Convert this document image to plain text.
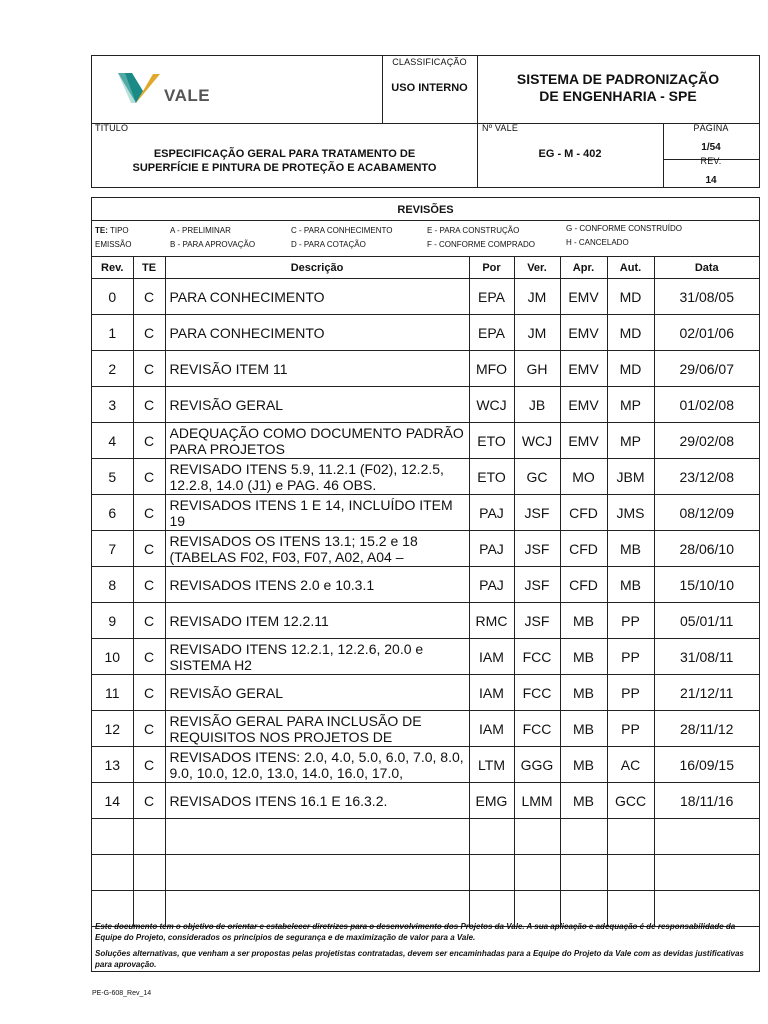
VALE
CLASSIFICAÇÃO
USO INTERNO
SISTEMA DE PADRONIZAÇÃO
DE ENGENHARIA - SPE
TÍTULO
ESPECIFICAÇÃO GERAL PARA TRATAMENTO DE
SUPERFÍCIE E PINTURA DE PROTEÇÃO E ACABAMENTO
Nº VALE
EG - M - 402
PÁGINA
1/54
REV.
14
REVISÕES
TE: TIPO
EMISSÃO
A - PRELIMINAR
B - PARA APROVAÇÃO
C - PARA CONHECIMENTO
D - PARA COTAÇÃO
E - PARA CONSTRUÇÃO
F - CONFORME COMPRADO
G - CONFORME CONSTRUÍDO
H - CANCELADO
Rev.	TE	Descrição	Por	Ver.	Apr.	Aut.	Data
0	C	PARA CONHECIMENTO	EPA	JM	EMV	MD	31/08/05
1	C	PARA CONHECIMENTO	EPA	JM	EMV	MD	02/01/06
2	C	REVISÃO ITEM 11	MFO	GH	EMV	MD	29/06/07
3	C	REVISÃO GERAL	WCJ	JB	EMV	MP	01/02/08
4	C	ADEQUAÇÃO COMO DOCUMENTO PADRÃO PARA PROJETOS	ETO	WCJ	EMV	MP	29/02/08
5	C	REVISADO ITENS 5.9, 11.2.1 (F02), 12.2.5, 12.2.8, 14.0 (J1) e PAG. 46 OBS.	ETO	GC	MO	JBM	23/12/08
6	C	REVISADOS ITENS 1 E 14, INCLUÍDO ITEM 19	PAJ	JSF	CFD	JMS	08/12/09
7	C	REVISADOS OS ITENS 13.1; 15.2 e 18 (TABELAS F02, F03, F07, A02, A04 –	PAJ	JSF	CFD	MB	28/06/10
8	C	REVISADOS ITENS 2.0 e 10.3.1	PAJ	JSF	CFD	MB	15/10/10
9	C	REVISADO ITEM 12.2.11	RMC	JSF	MB	PP	05/01/11
10	C	REVISADO ITENS 12.2.1, 12.2.6, 20.0 e SISTEMA H2	IAM	FCC	MB	PP	31/08/11
11	C	REVISÃO GERAL	IAM	FCC	MB	PP	21/12/11
12	C	REVISÃO GERAL PARA INCLUSÃO DE REQUISITOS NOS PROJETOS DE	IAM	FCC	MB	PP	28/11/12
13	C	REVISADOS ITENS: 2.0, 4.0, 5.0, 6.0, 7.0, 8.0, 9.0, 10.0, 12.0, 13.0, 14.0, 16.0, 17.0,	LTM	GGG	MB	AC	16/09/15
14	C	REVISADOS ITENS 16.1 E 16.3.2.	EMG	LMM	MB	GCC	18/11/16

Este documento tem o objetivo de orientar e estabelecer diretrizes para o desenvolvimento dos Projetos da Vale. A sua aplicação e adequação é de responsabilidade da Equipe do Projeto, considerados os princípios de segurança e de maximização de valor para a Vale.
Soluções alternativas, que venham a ser propostas pelas projetistas contratadas, devem ser encaminhadas para a Equipe do Projeto da Vale com as devidas justificativas para aprovação.
PE-G-608_Rev_14
